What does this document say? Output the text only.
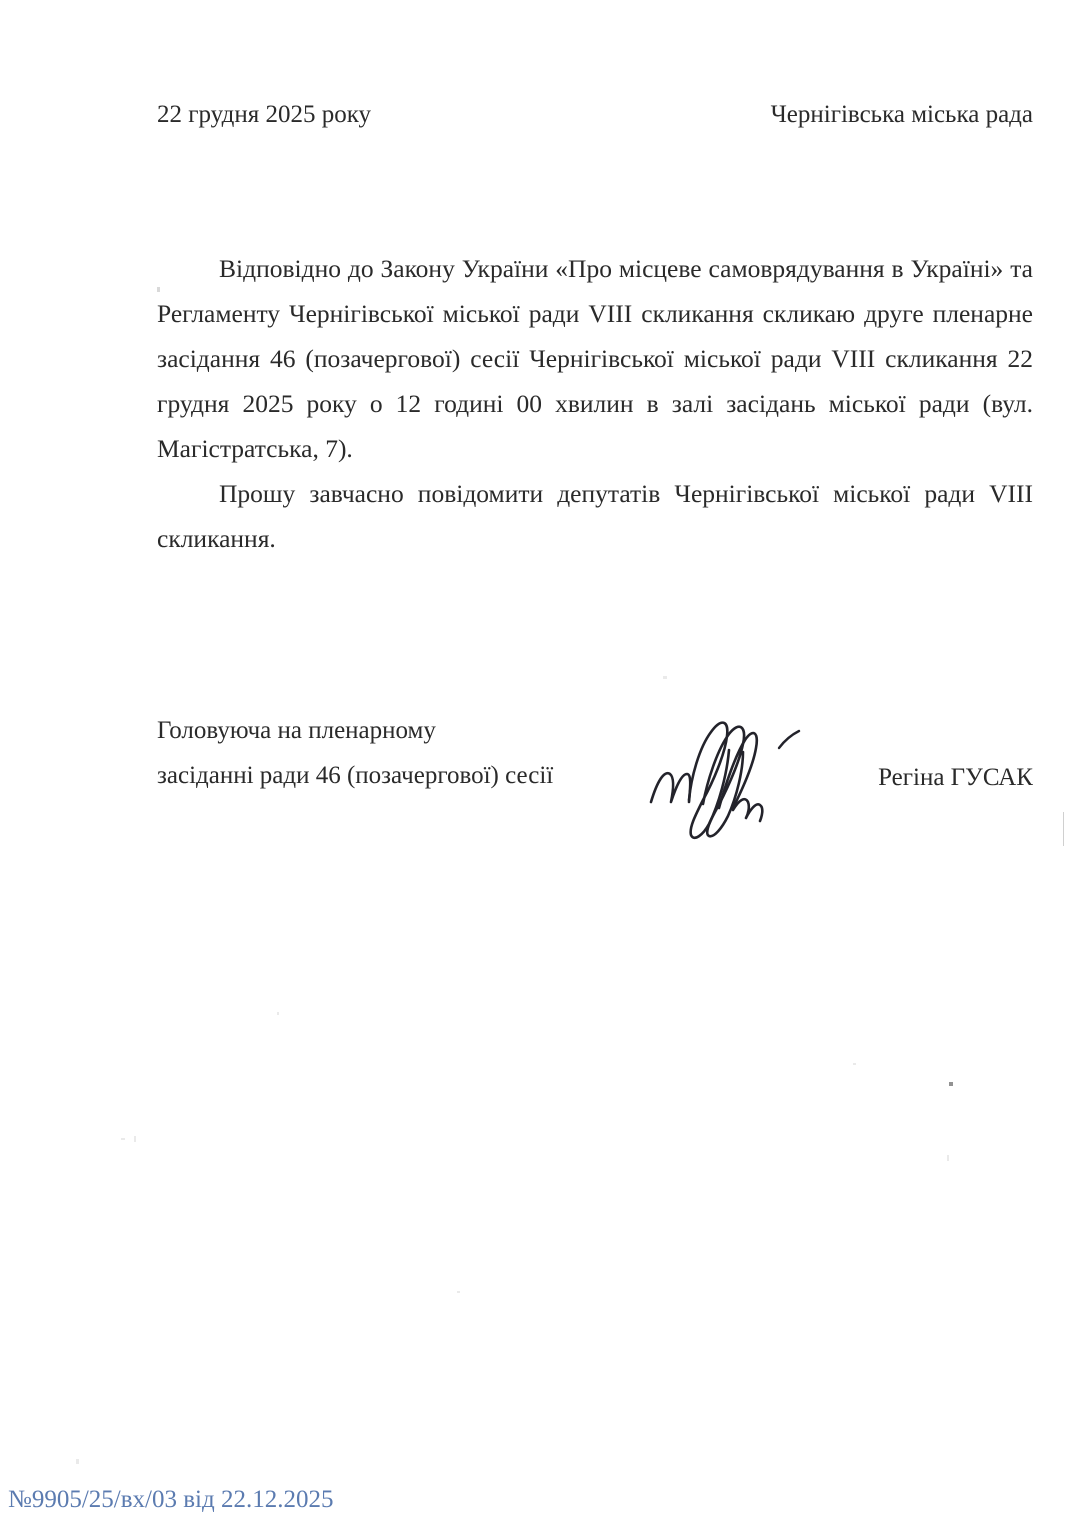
22 грудня 2025 року	Чернігівська міська рада

Відповідно до Закону України «Про місцеве самоврядування в Україні» та Регламенту Чернігівської міської ради VIII скликання скликаю друге пленарне засідання 46 (позачергової) сесії Чернігівської міської ради VIII скликання 22 грудня 2025 року о 12 годині 00 хвилин в залі засідань міської ради (вул. Магістратська, 7).

Прошу завчасно повідомити депутатів Чернігівської міської ради VIII скликання.

Головуюча на пленарному
засіданні ради 46 (позачергової) сесії	Регіна ГУСАК
№9905/25/вх/03 від 22.12.2025
